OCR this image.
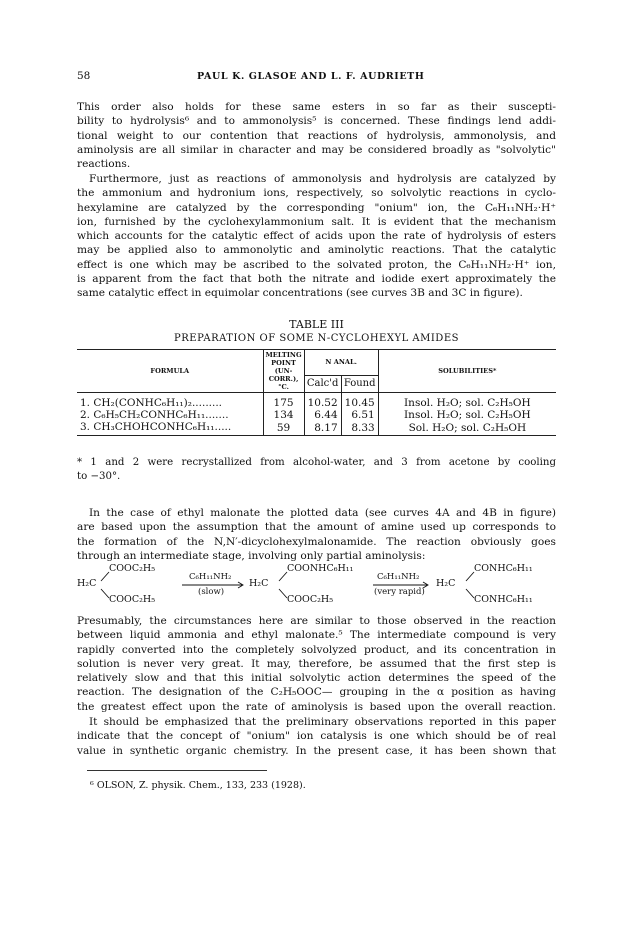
58	PAUL K. GLASOE AND L. F. AUDRIETH

This order also holds for these same esters in so far as their suscepti-

bility to hydrolysis⁶ and to ammonolysis⁵ is concerned. These findings lend addi-

tional weight to our contention that reactions of hydrolysis, ammonolysis, and

aminolysis are all similar in character and may be considered broadly as "solvolytic"

reactions.

Furthermore, just as reactions of ammonolysis and hydrolysis are catalyzed by

the ammonium and hydronium ions, respectively, so solvolytic reactions in cyclo-

hexylamine are catalyzed by the corresponding "onium" ion, the C₆H₁₁NH₂·H⁺

ion, furnished by the cyclohexylammonium salt. It is evident that the mechanism

which accounts for the catalytic effect of acids upon the rate of hydrolysis of esters

may be applied also to ammonolytic and aminolytic reactions. That the catalytic

effect is one which may be ascribed to the solvated proton, the C₆H₁₁NH₂·H⁺ ion,

is apparent from the fact that both the nitrate and iodide exert approximately the

same catalytic effect in equimolar concentrations (see curves 3B and 3C in figure).

TABLE III
PREPARATION OF SOME N-CYCLOHEXYL AMIDES
FORMULA	MELTING POINT (UN- CORR.), °C.	N ANAL.		SOLUBILITIES*
		Calc'd	Found	

1. CH₂(CONHC₆H₁₁)₂.........	175	10.52	10.45	Insol. H₂O; sol. C₂H₅OH
2. C₆H₅CH₂CONHC₆H₁₁.......	134	6.44	6.51	Insol. H₂O; sol. C₂H₅OH
3. CH₃CHOHCONHC₆H₁₁.....	59	8.17	8.33	Sol. H₂O; sol. C₂H₅OH

* 1 and 2 were recrystallized from alcohol-water, and 3 from acetone by cooling

to −30°.

In the case of ethyl malonate the plotted data (see curves 4A and 4B in figure)

are based upon the assumption that the amount of amine used up corresponds to

the formation of the N,N′-dicyclohexylmalonamide. The reaction obviously goes

through an intermediate stage, involving only partial aminolysis:

COOC₂H₅
H₂C
COOC₂H₅
C₆H₁₁NH₂
(slow)
COONHC₆H₁₁
H₂C
COOC₂H₅
C₆H₁₁NH₂
(very rapid)
CONHC₆H₁₁
H₂C
CONHC₆H₁₁

Presumably, the circumstances here are similar to those observed in the reaction

between liquid ammonia and ethyl malonate.⁵ The intermediate compound is very

rapidly converted into the completely solvolyzed product, and its concentration in

solution is never very great. It may, therefore, be assumed that the first step is

relatively slow and that this initial solvolytic action determines the speed of the

reaction. The designation of the C₂H₅OOC— grouping in the α position as having

the greatest effect upon the rate of aminolysis is based upon the overall reaction.

It should be emphasized that the preliminary observations reported in this paper

indicate that the concept of "onium" ion catalysis is one which should be of real

value in synthetic organic chemistry. In the present case, it has been shown that

⁶ OLSON, Z. physik. Chem., 133, 233 (1928).
